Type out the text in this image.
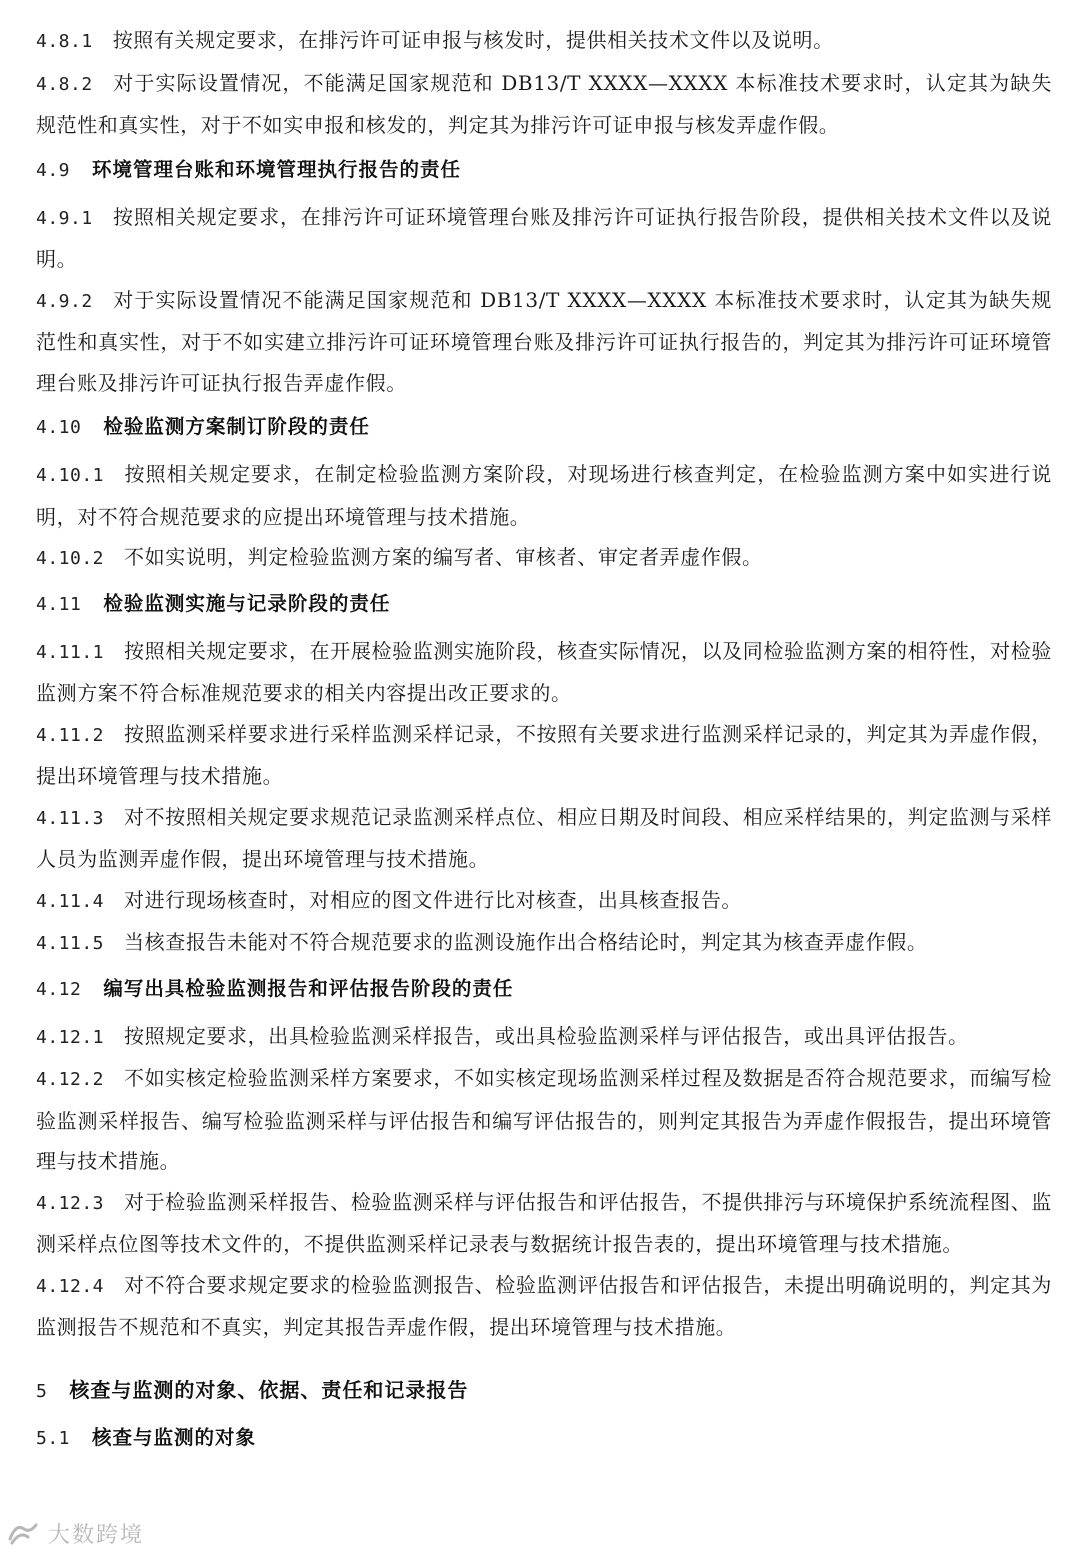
4.8.1 按照有关规定要求，在排污许可证申报与核发时，提供相关技术文件以及说明。

4.8.2 对于实际设置情况，不能满足国家规范和 DB13/T XXXX—XXXX 本标准技术要求时，认定其为缺失规范性和真实性，对于不如实申报和核发的，判定其为排污许可证申报与核发弄虚作假。

4.9 环境管理台账和环境管理执行报告的责任

4.9.1 按照相关规定要求，在排污许可证环境管理台账及排污许可证执行报告阶段，提供相关技术文件以及说明。

4.9.2 对于实际设置情况不能满足国家规范和 DB13/T XXXX—XXXX 本标准技术要求时，认定其为缺失规范性和真实性，对于不如实建立排污许可证环境管理台账及排污许可证执行报告的，判定其为排污许可证环境管理台账及排污许可证执行报告弄虚作假。

4.10 检验监测方案制订阶段的责任

4.10.1 按照相关规定要求，在制定检验监测方案阶段，对现场进行核查判定，在检验监测方案中如实进行说明，对不符合规范要求的应提出环境管理与技术措施。

4.10.2 不如实说明，判定检验监测方案的编写者、审核者、审定者弄虚作假。

4.11 检验监测实施与记录阶段的责任

4.11.1 按照相关规定要求，在开展检验监测实施阶段，核查实际情况，以及同检验监测方案的相符性，对检验监测方案不符合标准规范要求的相关内容提出改正要求的。

4.11.2 按照监测采样要求进行采样监测采样记录，不按照有关要求进行监测采样记录的，判定其为弄虚作假，提出环境管理与技术措施。

4.11.3 对不按照相关规定要求规范记录监测采样点位、相应日期及时间段、相应采样结果的，判定监测与采样人员为监测弄虚作假，提出环境管理与技术措施。

4.11.4 对进行现场核查时，对相应的图文件进行比对核查，出具核查报告。

4.11.5 当核查报告未能对不符合规范要求的监测设施作出合格结论时，判定其为核查弄虚作假。

4.12 编写出具检验监测报告和评估报告阶段的责任

4.12.1 按照规定要求，出具检验监测采样报告，或出具检验监测采样与评估报告，或出具评估报告。

4.12.2 不如实核定检验监测采样方案要求，不如实核定现场监测采样过程及数据是否符合规范要求，而编写检验监测采样报告、编写检验监测采样与评估报告和编写评估报告的，则判定其报告为弄虚作假报告，提出环境管理与技术措施。

4.12.3 对于检验监测采样报告、检验监测采样与评估报告和评估报告，不提供排污与环境保护系统流程图、监测采样点位图等技术文件的，不提供监测采样记录表与数据统计报告表的，提出环境管理与技术措施。

4.12.4 对不符合要求规定要求的检验监测报告、检验监测评估报告和评估报告，未提出明确说明的，判定其为监测报告不规范和不真实，判定其报告弄虚作假，提出环境管理与技术措施。

5 核查与监测的对象、依据、责任和记录报告
5.1 核查与监测的对象
大数跨境
